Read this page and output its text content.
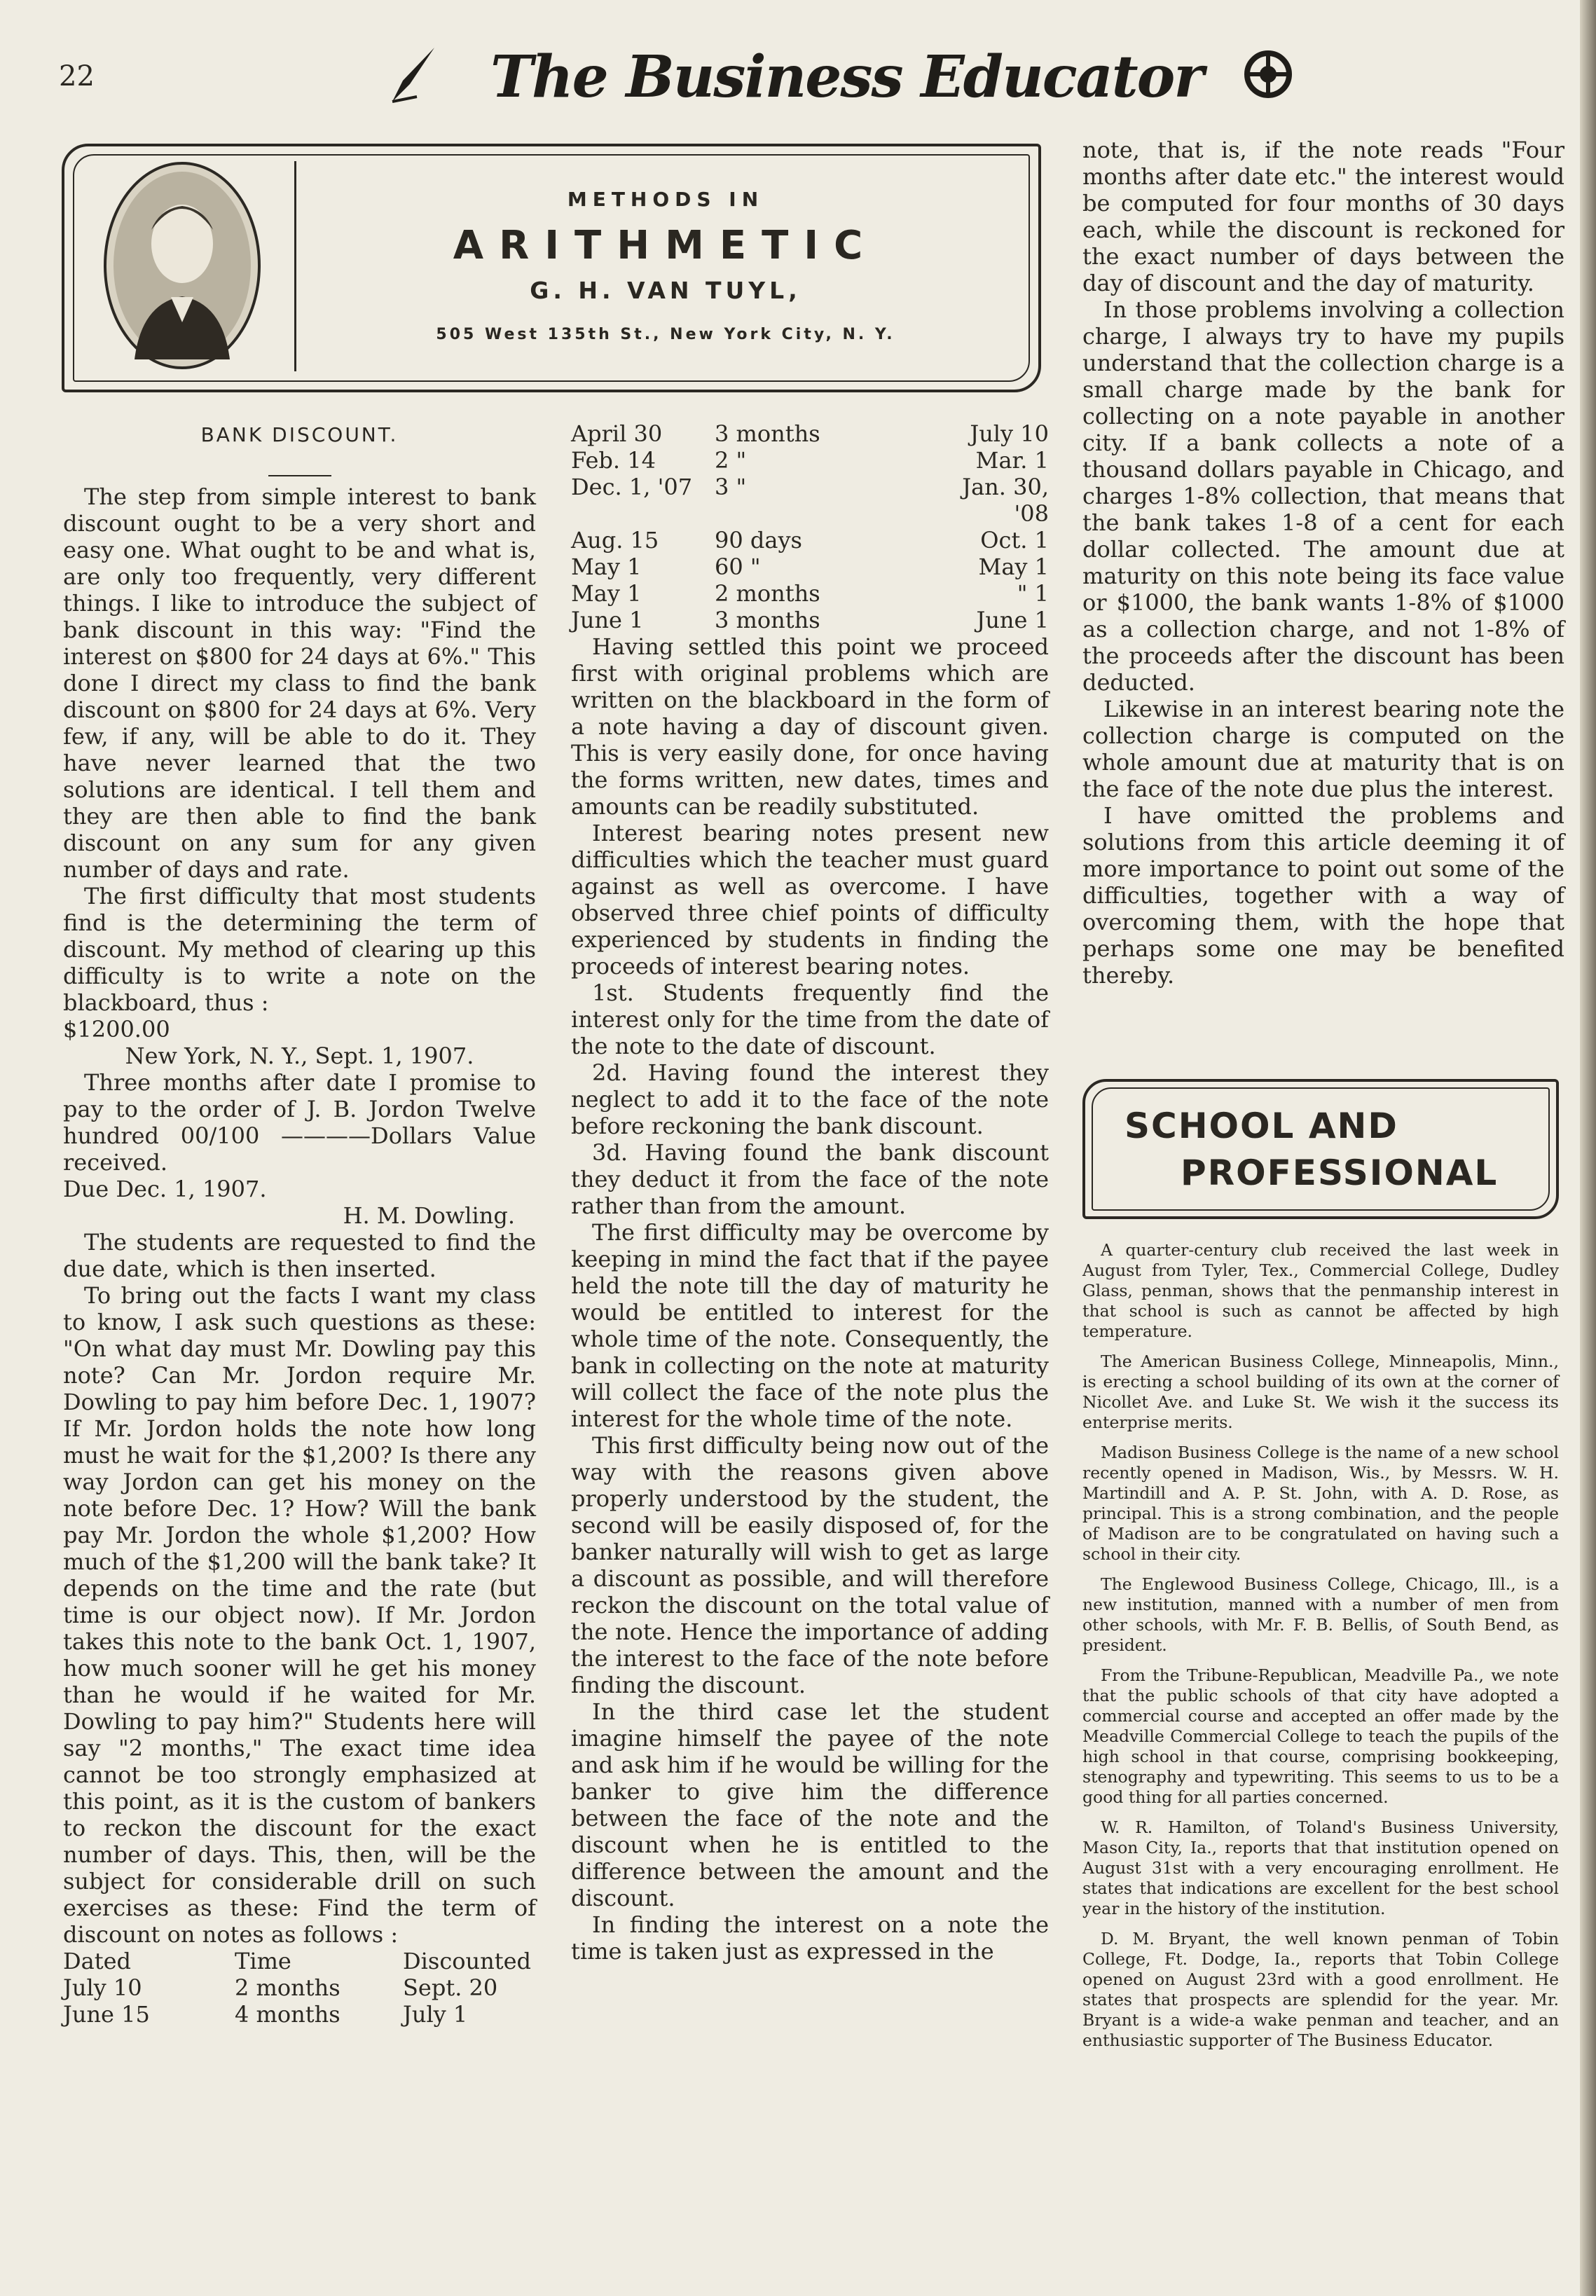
22	The Business Educator
METHODS IN
ARITHMETIC
G. H. VAN TUYL,
505 West 135th St., New York City, N. Y.
BANK DISCOUNT.

The step from simple interest to bank discount ought to be a very short and easy one. What ought to be and what is, are only too frequently, very different things. I like to introduce the subject of bank discount in this way: "Find the interest on $800 for 24 days at 6%." This done I direct my class to find the bank discount on $800 for 24 days at 6%. Very few, if any, will be able to do it. They have never learned that the two solutions are identical. I tell them and they are then able to find the bank discount on any sum for any given number of days and rate.

The first difficulty that most students find is the determining the term of discount. My method of clearing up this difficulty is to write a note on the blackboard, thus :

$1200.00

New York, N. Y., Sept. 1, 1907.

Three months after date I promise to pay to the order of J. B. Jordon Twelve hundred 00/100 ————Dollars Value received.

Due Dec. 1, 1907.

H. M. Dowling.

The students are requested to find the due date, which is then inserted.

To bring out the facts I want my class to know, I ask such questions as these: "On what day must Mr. Dowling pay this note? Can Mr. Jordon require Mr. Dowling to pay him before Dec. 1, 1907? If Mr. Jordon holds the note how long must he wait for the $1,200? Is there any way Jordon can get his money on the note before Dec. 1? How? Will the bank pay Mr. Jordon the whole $1,200? How much of the $1,200 will the bank take? It depends on the time and the rate (but time is our object now). If Mr. Jordon takes this note to the bank Oct. 1, 1907, how much sooner will he get his money than he would if he waited for Mr. Dowling to pay him?" Students here will say "2 months," The exact time idea cannot be too strongly emphasized at this point, as it is the custom of bankers to reckon the discount for the exact number of days. This, then, will be the subject for considerable drill on such exercises as these: Find the term of discount on notes as follows :

Dated	Time	Discounted
July 10	2 months	Sept. 20
June 15	4 months	July 1
April 30	3 months	July 10
Feb. 14	2 "	Mar. 1
Dec. 1, '07 3 "	Jan. 30, '08
Aug. 15	90 days	Oct. 1
May 1	60 "	May 1
May 1	2 months	" 1
June 1	3 months	June 1

Having settled this point we proceed first with original problems which are written on the blackboard in the form of a note having a day of discount given. This is very easily done, for once having the forms written, new dates, times and amounts can be readily substituted.

Interest bearing notes present new difficulties which the teacher must guard against as well as overcome. I have observed three chief points of difficulty experienced by students in finding the proceeds of interest bearing notes.

1st. Students frequently find the interest only for the time from the date of the note to the date of discount.

2d. Having found the interest they neglect to add it to the face of the note before reckoning the bank discount.

3d. Having found the bank discount they deduct it from the face of the note rather than from the amount.

The first difficulty may be overcome by keeping in mind the fact that if the payee held the note till the day of maturity he would be entitled to interest for the whole time of the note. Consequently, the bank in collecting on the note at maturity will collect the face of the note plus the interest for the whole time of the note.

This first difficulty being now out of the way with the reasons given above properly understood by the student, the second will be easily disposed of, for the banker naturally will wish to get as large a discount as possible, and will therefore reckon the discount on the total value of the note. Hence the importance of adding the interest to the face of the note before finding the discount.

In the third case let the student imagine himself the payee of the note and ask him if he would be willing for the banker to give him the difference between the face of the note and the discount when he is entitled to the difference between the amount and the discount.

In finding the interest on a note the time is taken just as expressed in the

note, that is, if the note reads "Four months after date etc." the interest would be computed for four months of 30 days each, while the discount is reckoned for the exact number of days between the day of discount and the day of maturity.

In those problems involving a collection charge, I always try to have my pupils understand that the collection charge is a small charge made by the bank for collecting on a note payable in another city. If a bank collects a note of a thousand dollars payable in Chicago, and charges 1-8% collection, that means that the bank takes 1-8 of a cent for each dollar collected. The amount due at maturity on this note being its face value or $1000, the bank wants 1-8% of $1000 as a collection charge, and not 1-8% of the proceeds after the discount has been deducted.

Likewise in an interest bearing note the collection charge is computed on the whole amount due at maturity that is on the face of the note due plus the interest.

I have omitted the problems and solutions from this article deeming it of more importance to point out some of the difficulties, together with a way of overcoming them, with the hope that perhaps some one may be benefited thereby.

SCHOOL AND
PROFESSIONAL

A quarter-century club received the last week in August from Tyler, Tex., Commercial College, Dudley Glass, penman, shows that the penmanship interest in that school is such as cannot be affected by high temperature.

The American Business College, Minneapolis, Minn., is erecting a school building of its own at the corner of Nicollet Ave. and Luke St. We wish it the success its enterprise merits.

Madison Business College is the name of a new school recently opened in Madison, Wis., by Messrs. W. H. Martindill and A. P. St. John, with A. D. Rose, as principal. This is a strong combination, and the people of Madison are to be congratulated on having such a school in their city.

The Englewood Business College, Chicago, Ill., is a new institution, manned with a number of men from other schools, with Mr. F. B. Bellis, of South Bend, as president.

From the Tribune-Republican, Meadville Pa., we note that the public schools of that city have adopted a commercial course and accepted an offer made by the Meadville Commercial College to teach the pupils of the high school in that course, comprising bookkeeping, stenography and typewriting. This seems to us to be a good thing for all parties concerned.

W. R. Hamilton, of Toland's Business University, Mason City, Ia., reports that that institution opened on August 31st with a very encouraging enrollment. He states that indications are excellent for the best school year in the history of the institution.

D. M. Bryant, the well known penman of Tobin College, Ft. Dodge, Ia., reports that Tobin College opened on August 23rd with a good enrollment. He states that prospects are splendid for the year. Mr. Bryant is a wide-a wake penman and teacher, and an enthusiastic supporter of The Business Educator.
